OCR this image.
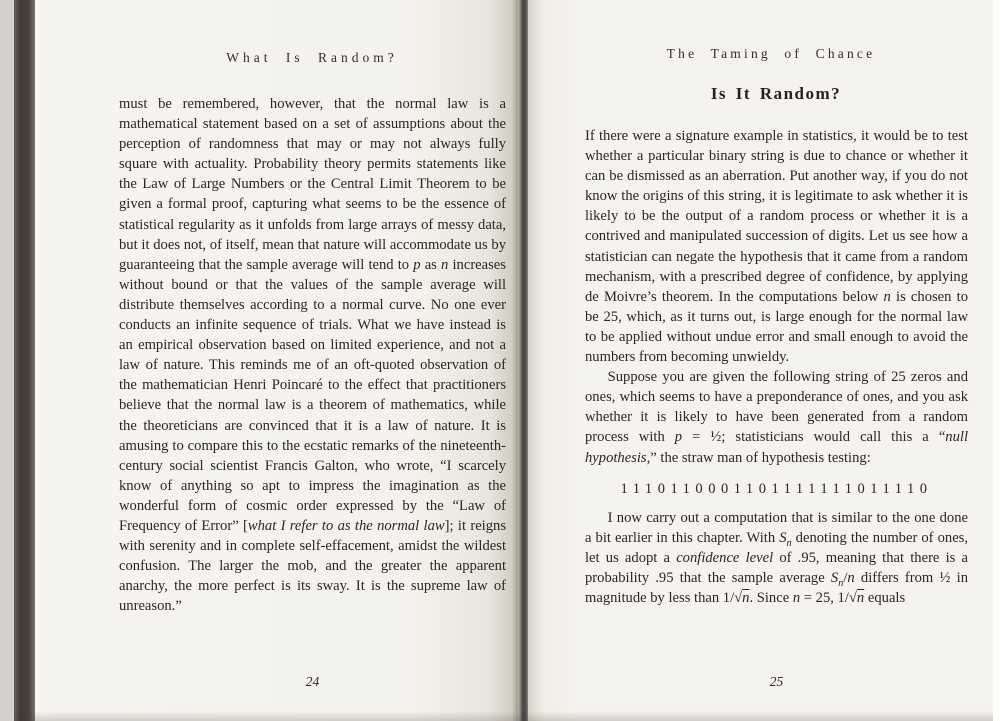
What Is Random?

must be remembered, however, that the normal law is a mathematical statement based on a set of assumptions about the perception of randomness that may or may not always fully square with actuality. Probability theory permits statements like the Law of Large Numbers or the Central Limit Theorem to be given a formal proof, capturing what seems to be the essence of statistical regularity as it unfolds from large arrays of messy data, but it does not, of itself, mean that nature will accommodate us by guaranteeing that the sample average will tend to p as n increases without bound or that the values of the sample average will distribute themselves according to a normal curve. No one ever conducts an infinite sequence of trials. What we have instead is an empirical observation based on limited experience, and not a law of nature. This reminds me of an oft-quoted observation of the mathematician Henri Poincaré to the effect that practitioners believe that the normal law is a theorem of mathematics, while the theoreticians are convinced that it is a law of nature. It is amusing to compare this to the ecstatic remarks of the nineteenth-century social scientist Francis Galton, who wrote, “I scarcely know of anything so apt to impress the imagination as the wonderful form of cosmic order expressed by the “Law of Frequency of Error” [what I refer to as the normal law]; it reigns with serenity and in complete self-effacement, amidst the wildest confusion. The larger the mob, and the greater the apparent anarchy, the more perfect is its sway. It is the supreme law of unreason.”

24
The Taming of Chance
Is It Random?

If there were a signature example in statistics, it would be to test whether a particular binary string is due to chance or whether it can be dismissed as an aberration. Put another way, if you do not know the origins of this string, it is legitimate to ask whether it is likely to be the output of a random process or whether it is a contrived and manipulated succession of digits. Let us see how a statistician can negate the hypothesis that it came from a random mechanism, with a prescribed degree of confidence, by applying de Moivre’s theorem. In the computations below n is chosen to be 25, which, as it turns out, is large enough for the normal law to be applied without undue error and small enough to avoid the numbers from becoming unwieldy.

Suppose you are given the following string of 25 zeros and ones, which seems to have a preponderance of ones, and you ask whether it is likely to have been generated from a random process with p = ½; statisticians would call this a “null hypothesis,” the straw man of hypothesis testing:

1110110001101111111011110

I now carry out a computation that is similar to the one done a bit earlier in this chapter. With $S_n$ denoting the number of ones, let us adopt a confidence level of .95, meaning that there is a probability .95 that the sample average $S_n/n$ differs from ½ in magnitude by less than 1/√n. Since n = 25, 1/√n equals

25
